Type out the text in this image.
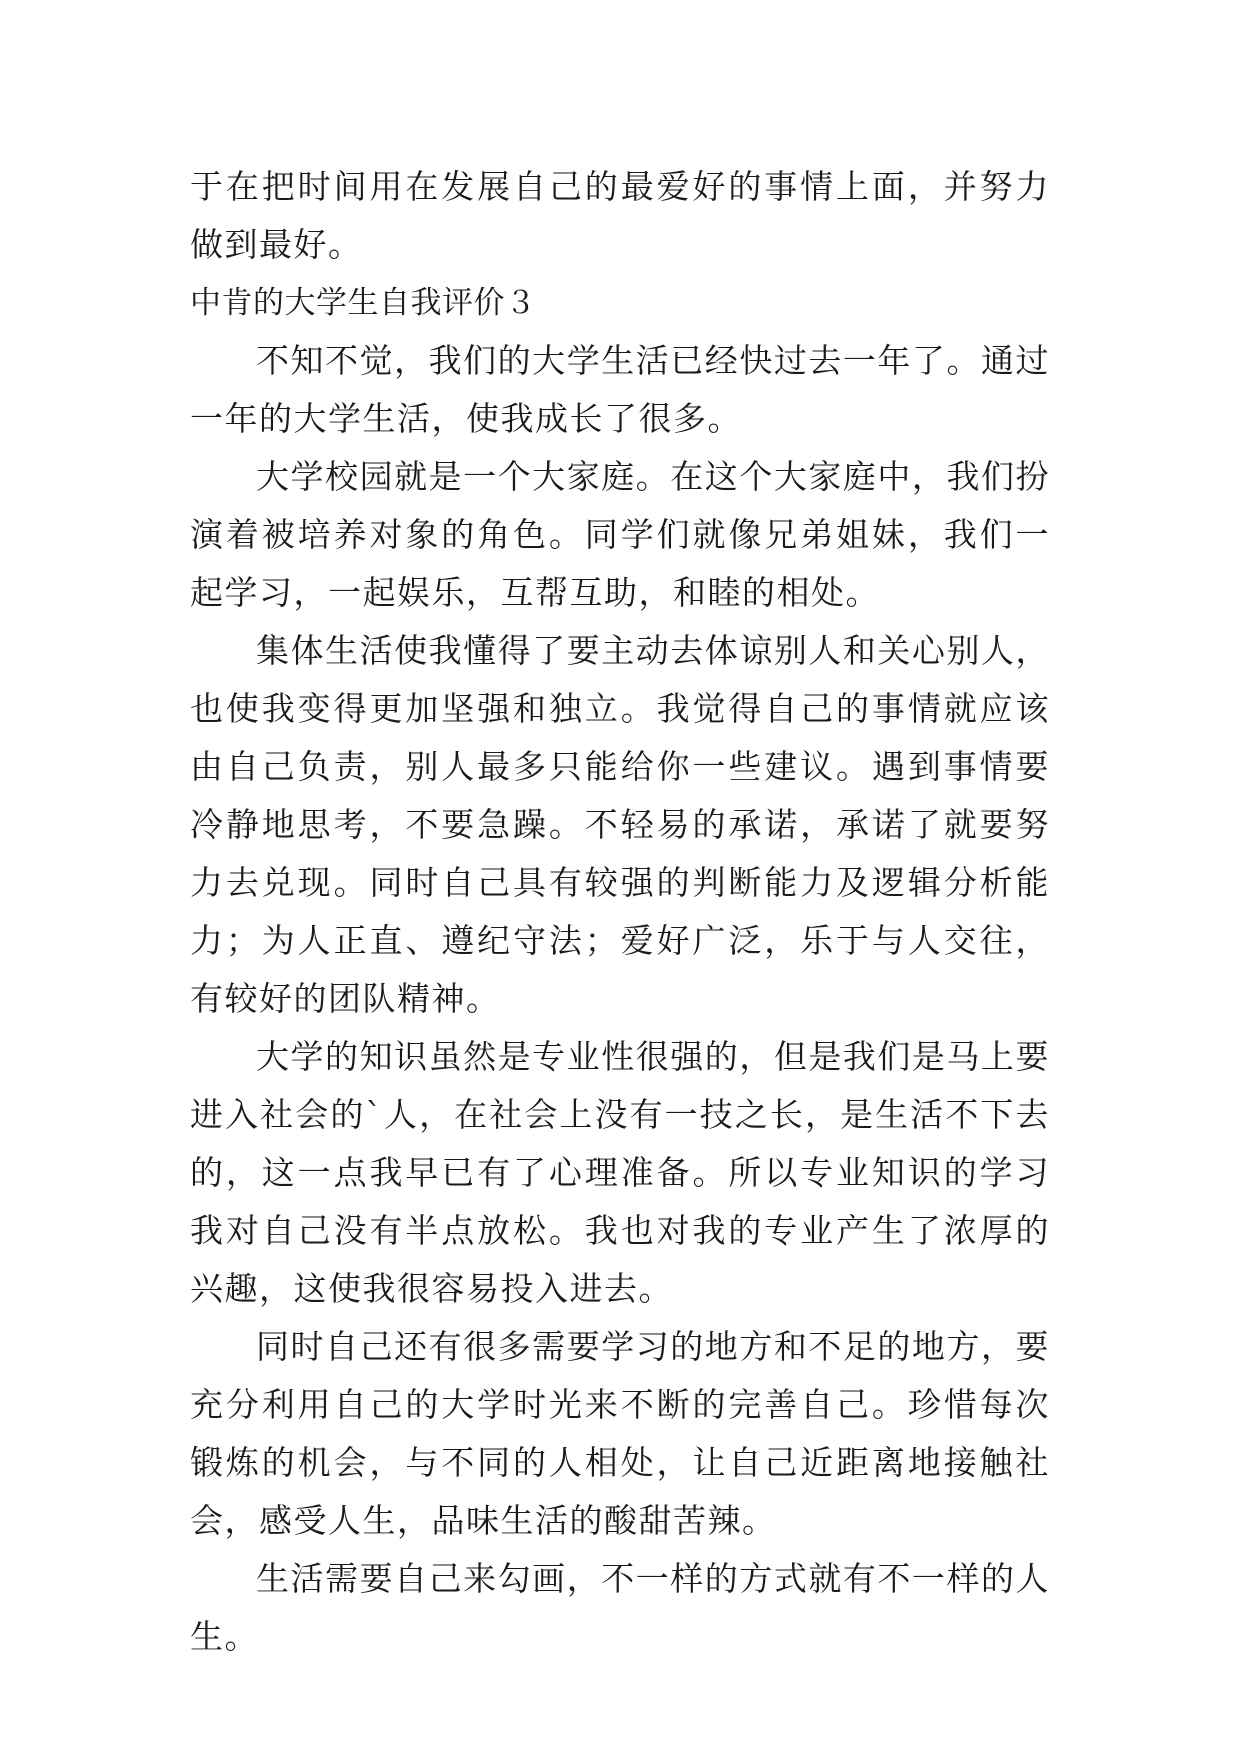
于在把时间用在发展自己的最爱好的事情上面，并努力做到最好。

中肯的大学生自我评价３

不知不觉，我们的大学生活已经快过去一年了。通过一年的大学生活，使我成长了很多。

大学校园就是一个大家庭。在这个大家庭中，我们扮演着被培养对象的角色。同学们就像兄弟姐妹，我们一起学习，一起娱乐，互帮互助，和睦的相处。

集体生活使我懂得了要主动去体谅别人和关心别人，也使我变得更加坚强和独立。我觉得自己的事情就应该由自己负责，别人最多只能给你一些建议。遇到事情要冷静地思考，不要急躁。不轻易的承诺，承诺了就要努力去兑现。同时自己具有较强的判断能力及逻辑分析能力；为人正直、遵纪守法；爱好广泛，乐于与人交往，有较好的团队精神。

大学的知识虽然是专业性很强的，但是我们是马上要进入社会的`人，在社会上没有一技之长，是生活不下去的，这一点我早已有了心理准备。所以专业知识的学习我对自己没有半点放松。我也对我的专业产生了浓厚的兴趣，这使我很容易投入进去。

同时自己还有很多需要学习的地方和不足的地方，要充分利用自己的大学时光来不断的完善自己。珍惜每次锻炼的机会，与不同的人相处，让自己近距离地接触社会，感受人生，品味生活的酸甜苦辣。

生活需要自己来勾画，不一样的方式就有不一样的人生。
